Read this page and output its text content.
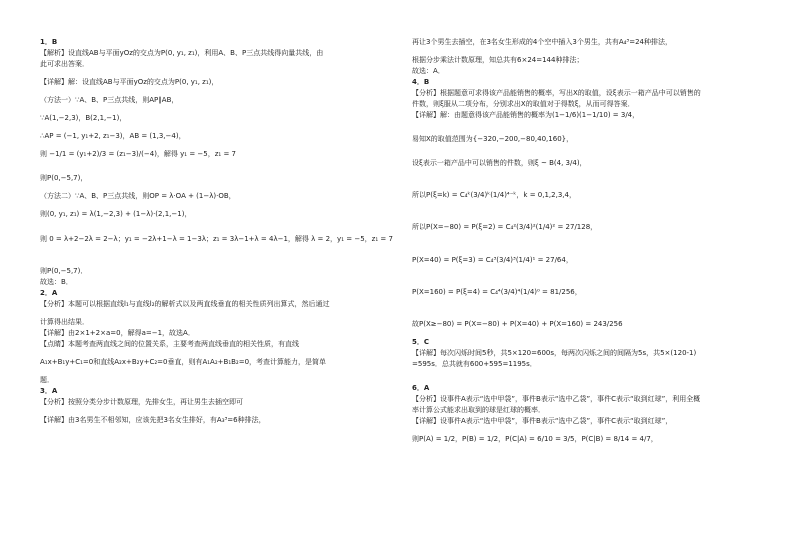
1．B
【解析】设直线AB与平面yOz的交点为P(0, y₁, z₁)，利用A、B、P三点共线得向量共线，由
此可求出答案．
【详解】解：设直线AB与平面yOz的交点为P(0, y₁, z₁)，
（方法一）∵A、B、P三点共线，则AP∥AB，
∵A(1,−2,3)，B(2,1,−1)，
∴AP = (−1, y₁+2, z₁−3)，AB = (1,3,−4)，
则 −1/1 = (y₁+2)/3 = (z₁−3)/(−4)，解得 y₁ = −5，z₁ = 7
则P(0,−5,7)，
（方法二）∵A、B、P三点共线，则OP = λ·OA + (1−λ)·OB，
则(0, y₁, z₁) = λ(1,−2,3) + (1−λ)·(2,1,−1)，
则 0 = λ+2−2λ = 2−λ；y₁ = −2λ+1−λ = 1−3λ；z₁ = 3λ−1+λ = 4λ−1，解得 λ = 2，y₁ = −5，z₁ = 7
则P(0,−5,7)．
故选：B．
2．A
【分析】本题可以根据直线l₁与直线l₂的解析式以及两直线垂直的相关性质列出算式，然后通过
计算得出结果．
【详解】由2×1+2×a=0，解得a=−1，故选A．
【点睛】本题考查两直线之间的位置关系，主要考查两直线垂直的相关性质，有直线
A₁x+B₁y+C₁=0和直线A₂x+B₂y+C₂=0垂直，则有A₁A₂+B₁B₂=0，考查计算能力，是简单
题．
3．A
【分析】按照分类分步计数原理，先排女生，再让男生去插空即可
【详解】由3名男生不相邻知，应该先把3名女生排好，有A₃³=6种排法，
再让3个男生去插空，在3名女生形成的4个空中插入3个男生，共有A₄³=24种排法，
根据分步乘法计数原理，知总共有6×24=144种排法；
故选：A．
4．B
【分析】根据题意可求得该产品能销售的概率，写出X的取值，设ξ表示一箱产品中可以销售的
件数，则ξ服从二项分布，分别求出X的取值对于得数ξ，从而可得答案．
【详解】解：由题意得该产品能销售的概率为(1−1/6)(1−1/10) = 3/4，
易知X的取值范围为{−320,−200,−80,40,160}，
设ξ表示一箱产品中可以销售的件数，则ξ ~ B(4, 3/4)，
所以P(ξ=k) = C₄ᵏ(3/4)ᵏ(1/4)⁴⁻ᵏ，k = 0,1,2,3,4，
所以P(X=−80) = P(ξ=2) = C₄²(3/4)²(1/4)² = 27/128，
P(X=40) = P(ξ=3) = C₄³(3/4)³(1/4)¹ = 27/64，
P(X=160) = P(ξ=4) = C₄⁴(3/4)⁴(1/4)⁰ = 81/256，
故P(X≥−80) = P(X=−80) + P(X=40) + P(X=160) = 243/256
5．C
【详解】每次闪烁时间5秒，共5×120=600s，每两次闪烁之间的间隔为5s，共5×(120-1)
=595s．总共就有600+595=1195s．
6．A
【分析】设事件A表示“选中甲袋”，事件B表示“选中乙袋”，事件C表示“取到红球”，利用全概
率计算公式能求出取到的球是红球的概率．
【详解】设事件A表示“选中甲袋”，事件B表示“选中乙袋”，事件C表示“取到红球”，
则P(A) = 1/2，P(B) = 1/2，P(C|A) = 6/10 = 3/5，P(C|B) = 8/14 = 4/7，
